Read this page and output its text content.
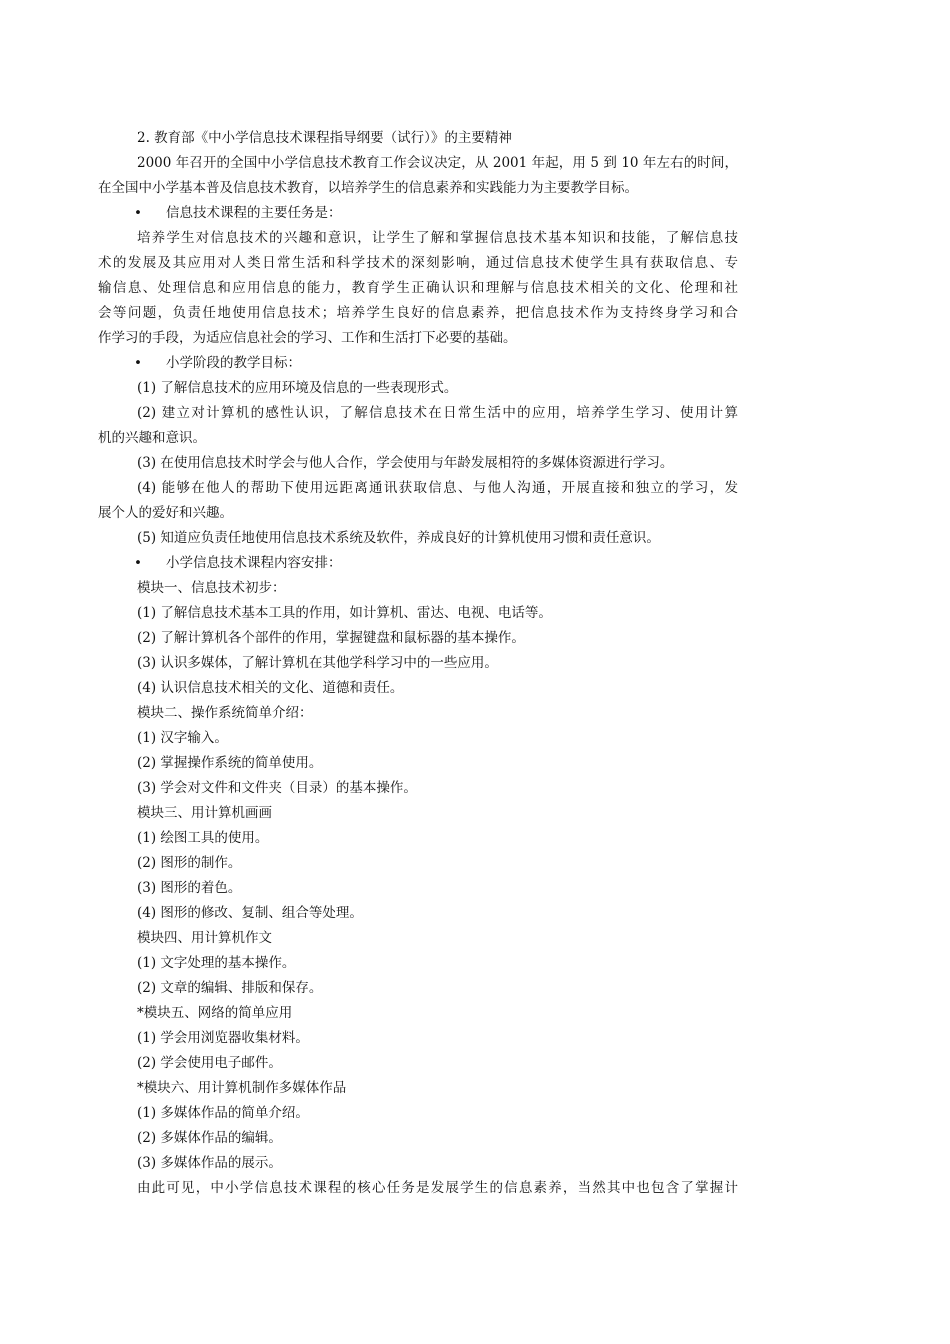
2. 教育部《中小学信息技术课程指导纲要（试行）》的主要精神
2000 年召开的全国中小学信息技术教育工作会议决定，从 2001 年起，用 5 到 10 年左右的时间，
在全国中小学基本普及信息技术教育，以培养学生的信息素养和实践能力为主要教学目标。
• 信息技术课程的主要任务是：
培养学生对信息技术的兴趣和意识，让学生了解和掌握信息技术基本知识和技能，了解信息技
术的发展及其应用对人类日常生活和科学技术的深刻影响，通过信息技术使学生具有获取信息、专
输信息、处理信息和应用信息的能力，教育学生正确认识和理解与信息技术相关的文化、伦理和社
会等问题，负责任地使用信息技术；培养学生良好的信息素养，把信息技术作为支持终身学习和合
作学习的手段，为适应信息社会的学习、工作和生活打下必要的基础。
• 小学阶段的教学目标：
(1) 了解信息技术的应用环境及信息的一些表现形式。
(2) 建立对计算机的感性认识，了解信息技术在日常生活中的应用，培养学生学习、使用计算
机的兴趣和意识。
(3) 在使用信息技术时学会与他人合作，学会使用与年龄发展相符的多媒体资源进行学习。
(4) 能够在他人的帮助下使用远距离通讯获取信息、与他人沟通，开展直接和独立的学习，发
展个人的爱好和兴趣。
(5) 知道应负责任地使用信息技术系统及软件，养成良好的计算机使用习惯和责任意识。
• 小学信息技术课程内容安排：
模块一、信息技术初步：
(1) 了解信息技术基本工具的作用，如计算机、雷达、电视、电话等。
(2) 了解计算机各个部件的作用，掌握键盘和鼠标器的基本操作。
(3) 认识多媒体，了解计算机在其他学科学习中的一些应用。
(4) 认识信息技术相关的文化、道德和责任。
模块二、操作系统简单介绍：
(1) 汉字输入。
(2) 掌握操作系统的简单使用。
(3) 学会对文件和文件夹（目录）的基本操作。
模块三、用计算机画画
(1) 绘图工具的使用。
(2) 图形的制作。
(3) 图形的着色。
(4) 图形的修改、复制、组合等处理。
模块四、用计算机作文
(1) 文字处理的基本操作。
(2) 文章的编辑、排版和保存。
*模块五、网络的简单应用
(1) 学会用浏览器收集材料。
(2) 学会使用电子邮件。
*模块六、用计算机制作多媒体作品
(1) 多媒体作品的简单介绍。
(2) 多媒体作品的编辑。
(3) 多媒体作品的展示。
由此可见，中小学信息技术课程的核心任务是发展学生的信息素养，当然其中也包含了掌握计
